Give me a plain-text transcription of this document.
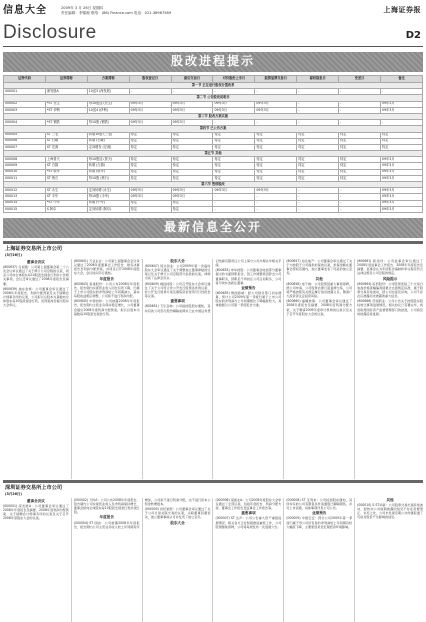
信息大全	2009年 3 月 26日 星期四
责任编辑：李锦湘 联络：(86) Finance.com 电话：021-38967589	上海证券报
Disclosure	D2
股改进程提示
证券代码	证券简称	方案简称	股权登记日	最后交易日	对价股份上市日	股票复牌交易日	除权除息日	变更日	备注
第一节 正在进行股权分置改革									
000001	深发展A	10送3 (深发展)	-	-	-	-	-	-	-
第二节 公告股改说明书									
000002	*ST 北生	每10股送 (北生)	09年3月	09年3月	09年3月	09年3月	-	-	09年3月
000003	*ST 伊利	10送4 (伊利)	09年3月	09年3月	09年3月	09年3月	-	-	09年3月
第三节 股改方案实施									
000004	*ST 钢铁	每10股 (钢铁)	09年3月	09年3月	-	-	-	-	-
第四节 已公告方案									
000005	ST 三毛	转增10股 (三毛)	待定	待定	待定	待定	待定	待定	待定
000006	ST 石岘	转增 (石岘)	待定	待定	待定	待定	待定	待定	待定
000007	ST 宏源	定向增发 (宏源)	待定	待定	待定	待定	待定	待定	待定
第五节 其他									
000008	上海普天	每10股送 (普天)	待定	待定	待定	待定	待定	待定	09年3月
000009	ST 白猫	转增 (白猫)	待定	待定	待定	待定	待定	待定	09年3月
000010	*ST 联华	转增 (联华)	待定	待定	待定	待定	待定	待定	09年3月
000011	ST 炼石	每10股 (炼石)	待定	待定	待定	待定	待定	待定	09年3月
第六节 暂停股改									
000012	ST 永生	定向转增 (永生)	09年3月	09年3月	09年3月	09年3月	-	-	09年3月
000013	ST 丰华	每10股 (丰华)	09年3月	09年3月	-	-	-	-	09年3月
000014	*ST 中华	转增 (中华)	待定	待定	-	-	-	-	09年3月
000015	S 阿尔	定向转增 (阿尔)	待定	待定	-	-	-	-	09年3月
最新信息全公开
上海证券交易所上市公司
(3月26日)
董事会决议

(600637) 百视通：公司第七届董事会第二十六次会议审议通过了关于修订公司章程的议案，同意公司向全体股东每10股派发现金红利并公告相关事项，会议还审议通过了2008年度报告及摘要。

(600639) 浦东金桥：公司董事会审议通过了2008年年度报告、利润分配预案及关于续聘会计师事务所的议案，公司拟以总股本为基数向全体股东每10股派现金红利，该预案尚需提交股东大会审议。

(600641) 万业企业：公司第七届董事会会议审议通过了2008年度董事会工作报告、财务决算报告及利润分配预案，并同意召开2008年度股东大会，会议时间另行通知。

年度报告

(600643) 爱建股份：公司公布2008年年度报告，报告期内实现营业收入同比有所下降，归属于上市公司股东的净利润较上年同期减少，基本每股收益相应调整，公司拟不进行利润分配。

(600645) 中源协和：公司披露2008年年度报告，报告期内主营业务保持稳定增长，公司董事会提出2008年度利润分配预案，拟以总股本为基数每10股派发现金红利。

股东大会

(600647) 同达创业：公司2009年第一次临时股东大会审议通过了关于调整独立董事津贴的议案以及关于修订公司章程部分条款的议案，律师出具了法律意见书。

(600649) 城投控股：公司召开股东大会审议通过了关于公司符合非公开发行股票条件的议案、非公开发行股票方案及募集资金使用可行性报告等议案。

重要事项

(600651) 飞乐音响：公司接控股股东通知，其持有的公司部分股份解除质押并已在中国证券登记结算有限责任公司上海分公司办理完毕相关手续。

(600653) 申华控股：公司董事会收到部分董事提交的书面辞职报告，因工作调整原因辞去公司董事职务，辞职后不再担任公司任何职务，公司将尽快补选新任董事。

业绩预告

(600655) 豫园商城：经公司财务部门初步测算，预计公司2009年第一季度归属于上市公司股东的净利润与上年同期相比下降幅度较大，具体数据以公司第一季度报告为准。

(600657) 信达地产：公司董事会审议通过了关于为控股子公司提供担保的议案，担保金额在董事会授权范围内，独立董事发表了同意的独立意见。

其他

(600658) 电子城：公司股票因重大事项停牌，经公司申请，公司股票自即日起复牌交易，公司将严格按照有关规定履行信息披露义务，敬请广大投资者注意投资风险。

(600660) 福耀玻璃：公司董事会审议通过了2008年度报告及摘要、2008年度利润分配方案、关于聘请2009年度审计机构的议案以及关于召开年度股东大会的议案。

(600661) 新南洋：公司监事会审议通过了2008年度监事会工作报告、2008年年度报告及摘要，监事会认为年度报告编制和审议程序符合法律法规及公司章程的规定。

风险提示

(600664) 哈药股份：公司股票连续三个交易日收盘价格涨幅偏离值累计达到规定标准，属于股票交易异常波动，经公司自查及问询，公司不存在应披露而未披露的重大信息。

(600666) 西南药业：公司公告关于控股股东股权转让事项进展情况，相关协议已签署完毕，尚需取得国有资产监督管理部门的批准，公司将及时披露后续进展。

深圳证券交易所上市公司
(3月26日)
董事会决议

(000001) 深发展A：公司董事会审议通过了2008年年度报告及摘要、2008年度利润分配预案、关于续聘会计师事务所的议案及关于召开2008年度股东大会的议案。

(000002) 万科A：公司公布2008年年度报告，报告期内公司实现营业收入及净利润保持增长，董事会拟向全体股东每10股派发现金红利并送红股。

年度报告

(000004) ST 国农：公司披露2008年年度报告，报告期内公司主营业务收入较上年同期有所增加，公司拟不进行利润分配，也不进行资本公积金转增股本。

(000005) 世纪星源：公司董事会审议通过了关于公司日常关联交易的议案，关联董事回避表决，独立董事事前认可并发表了独立意见。

股东大会

(000006) 深振业A：公司2008年度股东大会审议通过了全部议案，包括年度报告、利润分配方案、董事会工作报告及监事会工作报告等。

重要事项

(000007) ST 达声：公司公告重大资产重组进展情况，相关各方正在积极推进重组工作，公司股票继续停牌，公司将每周发布一次进展公告。

(000008) ST 宝利来：公司接到股东通知，其所持有的公司有限售条件流通股已解除限售，并可上市流通，具体事项详见公司公告。

业绩预告

(000009) 中国宝安：预计公司2009年第一季度归属于母公司所有者的净利润较上年同期有较大幅度下降，主要原因是受宏观经济环境影响。

其他

(000010) S ST华新：公司股票交易出现异常波动，经核实公司前期披露的信息不存在需要更正、补充之处，公司未发现近期公共传媒报道了可能对股价产生影响的信息。
